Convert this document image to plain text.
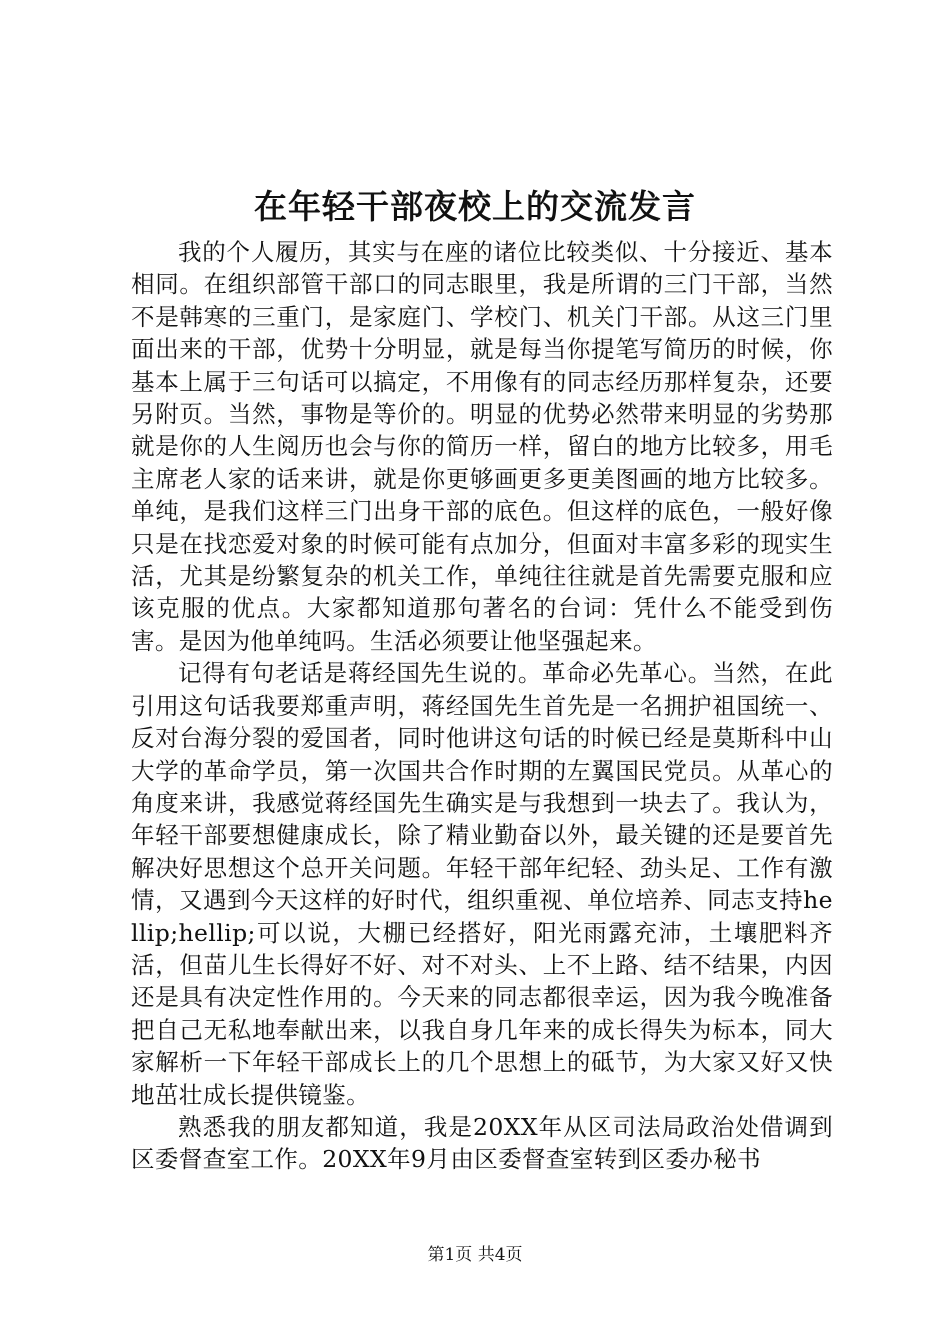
在年轻干部夜校上的交流发言

我的个人履历，其实与在座的诸位比较类似、十分接近、基本相同。在组织部管干部口的同志眼里，我是所谓的三门干部，当然不是韩寒的三重门，是家庭门、学校门、机关门干部。从这三门里面出来的干部，优势十分明显，就是每当你提笔写简历的时候，你基本上属于三句话可以搞定，不用像有的同志经历那样复杂，还要另附页。当然，事物是等价的。明显的优势必然带来明显的劣势那就是你的人生阅历也会与你的简历一样，留白的地方比较多，用毛主席老人家的话来讲，就是你更够画更多更美图画的地方比较多。单纯，是我们这样三门出身干部的底色。但这样的底色，一般好像只是在找恋爱对象的时候可能有点加分，但面对丰富多彩的现实生活，尤其是纷繁复杂的机关工作，单纯往往就是首先需要克服和应该克服的优点。大家都知道那句著名的台词：凭什么不能受到伤害。是因为他单纯吗。生活必须要让他坚强起来。

记得有句老话是蒋经国先生说的。革命必先革心。当然，在此引用这句话我要郑重声明，蒋经国先生首先是一名拥护祖国统一、反对台海分裂的爱国者，同时他讲这句话的时候已经是莫斯科中山大学的革命学员，第一次国共合作时期的左翼国民党员。从革心的角度来讲，我感觉蒋经国先生确实是与我想到一块去了。我认为，年轻干部要想健康成长，除了精业勤奋以外，最关键的还是要首先解决好思想这个总开关问题。年轻干部年纪轻、劲头足、工作有激情，又遇到今天这样的好时代，组织重视、单位培养、同志支持hellip;hellip;可以说，大棚已经搭好，阳光雨露充沛，土壤肥料齐活，但苗儿生长得好不好、对不对头、上不上路、结不结果，内因还是具有决定性作用的。今天来的同志都很幸运，因为我今晚准备把自己无私地奉献出来，以我自身几年来的成长得失为标本，同大家解析一下年轻干部成长上的几个思想上的砥节，为大家又好又快地茁壮成长提供镜鉴。

熟悉我的朋友都知道，我是20XX年从区司法局政治处借调到区委督查室工作。20XX年9月由区委督查室转到区委办秘书

第1页 共4页
